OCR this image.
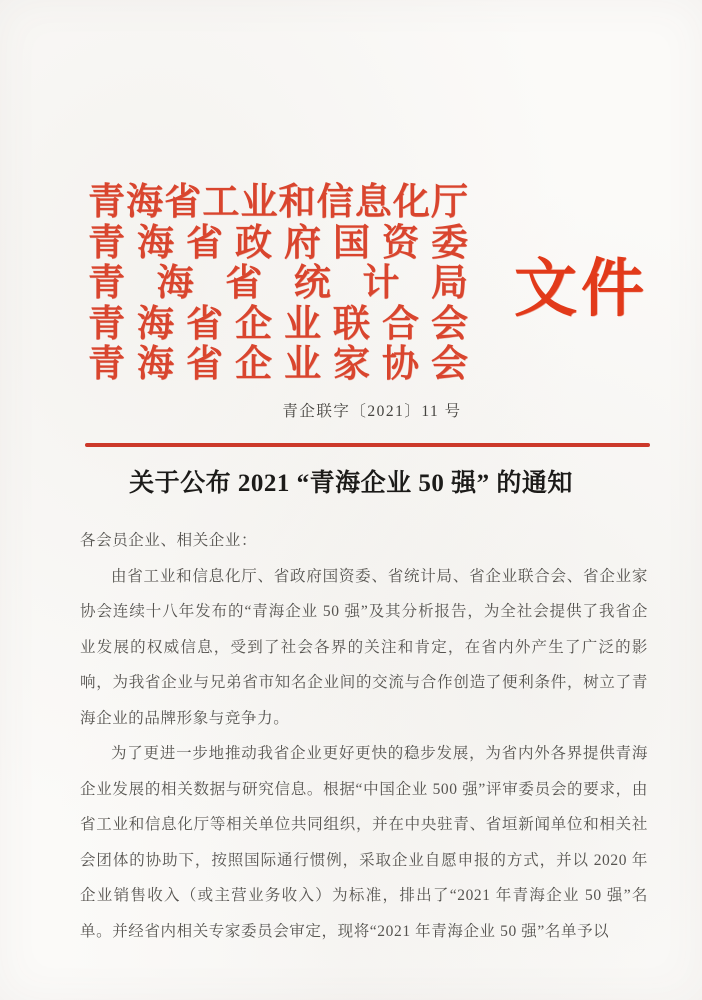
青 海 省 工 业 和 信 息 化 厅
青 海 省 政 府 国 资 委
青 海 省 统 计 局
青 海 省 企 业 联 合 会
青 海 省 企 业 家 协 会
文件
青企联字〔2021〕11 号
关于公布 2021 “青海企业 50 强” 的通知

各会员企业、相关企业：

由省工业和信息化厅、省政府国资委、省统计局、省企业联合会、省企业家协会连续十八年发布的“青海企业 50 强”及其分析报告，为全社会提供了我省企业发展的权威信息，受到了社会各界的关注和肯定，在省内外产生了广泛的影响，为我省企业与兄弟省市知名企业间的交流与合作创造了便利条件，树立了青海企业的品牌形象与竞争力。

为了更进一步地推动我省企业更好更快的稳步发展，为省内外各界提供青海企业发展的相关数据与研究信息。根据“中国企业 500 强”评审委员会的要求，由省工业和信息化厅等相关单位共同组织，并在中央驻青、省垣新闻单位和相关社会团体的协助下，按照国际通行惯例，采取企业自愿申报的方式，并以 2020 年企业销售收入（或主营业务收入）为标准，排出了“2021 年青海企业 50 强”名单。并经省内相关专家委员会审定，现将“2021 年青海企业 50 强”名单予以
